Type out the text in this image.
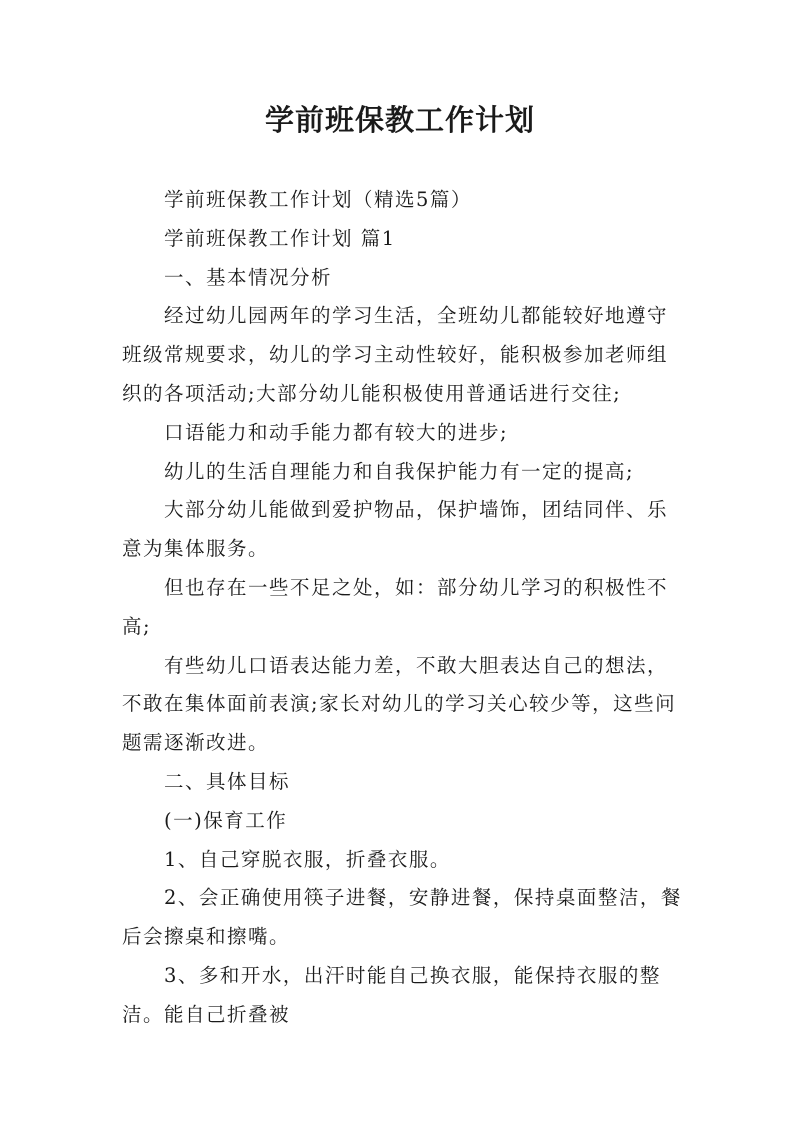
学前班保教工作计划

学前班保教工作计划（精选5篇）

学前班保教工作计划 篇1

一、基本情况分析

经过幼儿园两年的学习生活，全班幼儿都能较好地遵守班级常规要求，幼儿的学习主动性较好，能积极参加老师组织的各项活动;大部分幼儿能积极使用普通话进行交往;

口语能力和动手能力都有较大的进步;

幼儿的生活自理能力和自我保护能力有一定的提高;

大部分幼儿能做到爱护物品，保护墙饰，团结同伴、乐意为集体服务。

但也存在一些不足之处，如：部分幼儿学习的积极性不高;

有些幼儿口语表达能力差，不敢大胆表达自己的想法，不敢在集体面前表演;家长对幼儿的学习关心较少等，这些问题需逐渐改进。

二、具体目标

(一)保育工作

1、自己穿脱衣服，折叠衣服。

2、会正确使用筷子进餐，安静进餐，保持桌面整洁，餐后会擦桌和擦嘴。

3、多和开水，出汗时能自己换衣服，能保持衣服的整洁。能自己折叠被
